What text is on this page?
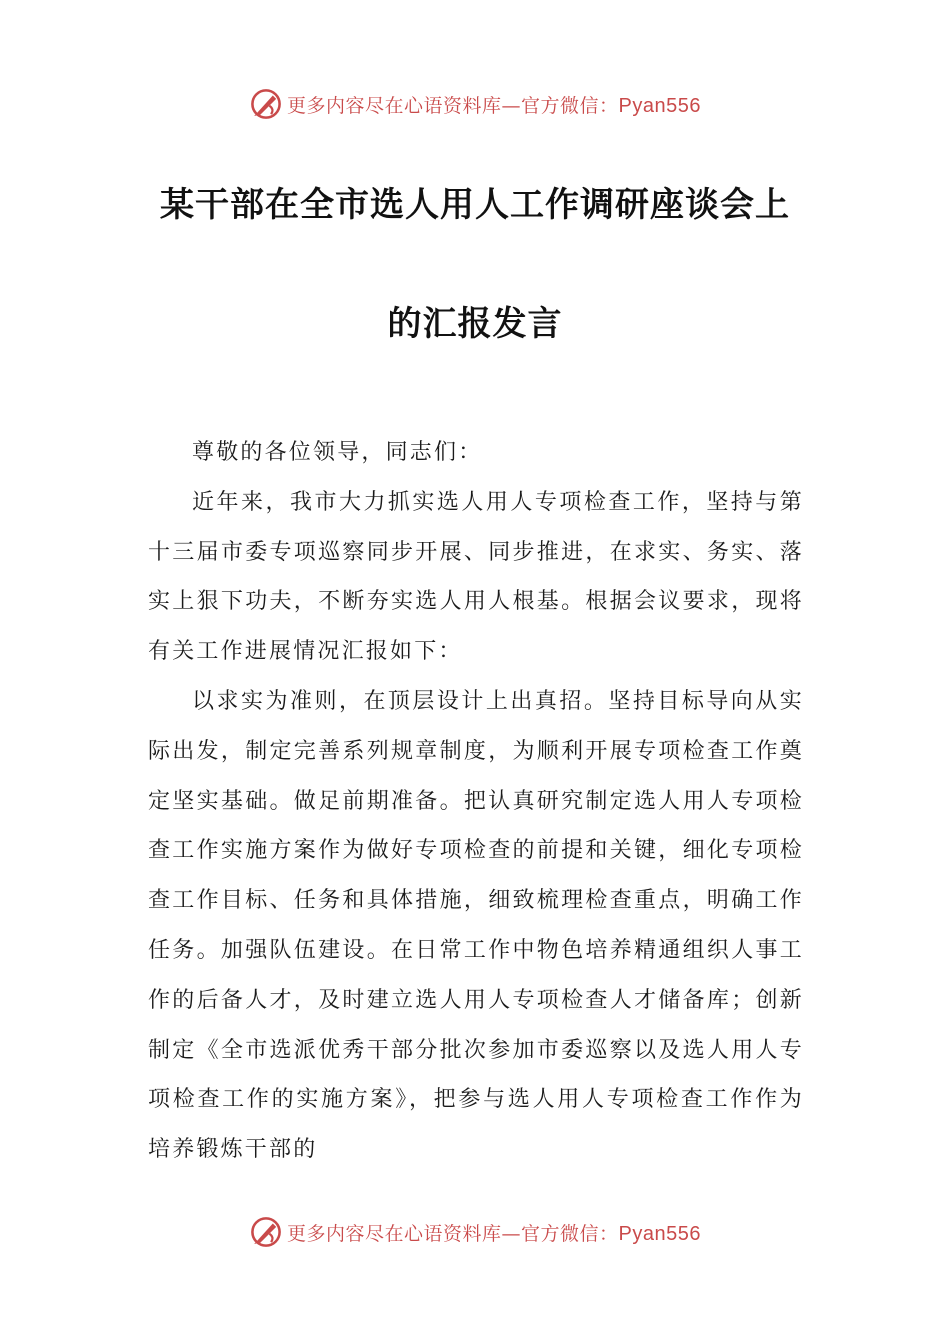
更多内容尽在心语资料库—官方微信：Pyan556
某干部在全市选人用人工作调研座谈会上
的汇报发言

尊敬的各位领导，同志们：

近年来，我市大力抓实选人用人专项检查工作，坚持与第十三届市委专项巡察同步开展、同步推进，在求实、务实、落实上狠下功夫，不断夯实选人用人根基。根据会议要求，现将有关工作进展情况汇报如下：

以求实为准则，在顶层设计上出真招。坚持目标导向从实际出发，制定完善系列规章制度，为顺利开展专项检查工作奠定坚实基础。做足前期准备。把认真研究制定选人用人专项检查工作实施方案作为做好专项检查的前提和关键，细化专项检查工作目标、任务和具体措施，细致梳理检查重点，明确工作任务。加强队伍建设。在日常工作中物色培养精通组织人事工作的后备人才，及时建立选人用人专项检查人才储备库；创新制定《全市选派优秀干部分批次参加市委巡察以及选人用人专项检查工作的实施方案》，把参与选人用人专项检查工作作为培养锻炼干部的

更多内容尽在心语资料库—官方微信：Pyan556
